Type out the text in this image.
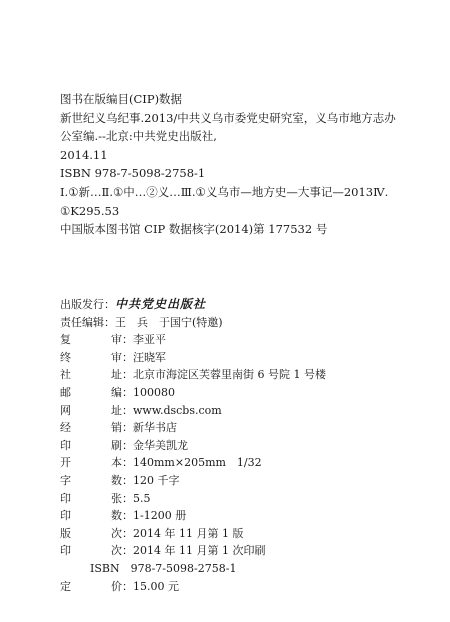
图书在版编目(CIP)数据
新世纪义乌纪事.2013/中共义乌市委党史研究室，义乌市地方志办
公室编.--北京:中共党史出版社,
2014.11
ISBN 978-7-5098-2758-1
Ⅰ.①新…Ⅱ.①中…②义…Ⅲ.①义乌市—地方史—大事记—2013Ⅳ.
①K295.53
中国版本图书馆 CIP 数据核字(2014)第 177532 号
出版发行： 中共党史出版社
责任编辑： 王　兵　于国宁(特邀)
复　　审 ： 李亚平
终　　审 ： 汪晓军
社　　址 ： 北京市海淀区芙蓉里南街 6 号院 1 号楼
邮　　编 ： 100080
网　　址 ： www.dscbs.com
经　　销 ： 新华书店
印　　刷 ： 金华美凯龙
开　　本 ： 140mm×205mm　1/32
字　　数 ： 120 千字
印　　张 ： 5.5
印　　数 ： 1-1200 册
版　　次 ： 2014 年 11 月第 1 版
印　　次 ： 2014 年 11 月第 1 次印刷
ISBN　978-7-5098-2758-1
定　　价 ： 15.00 元
